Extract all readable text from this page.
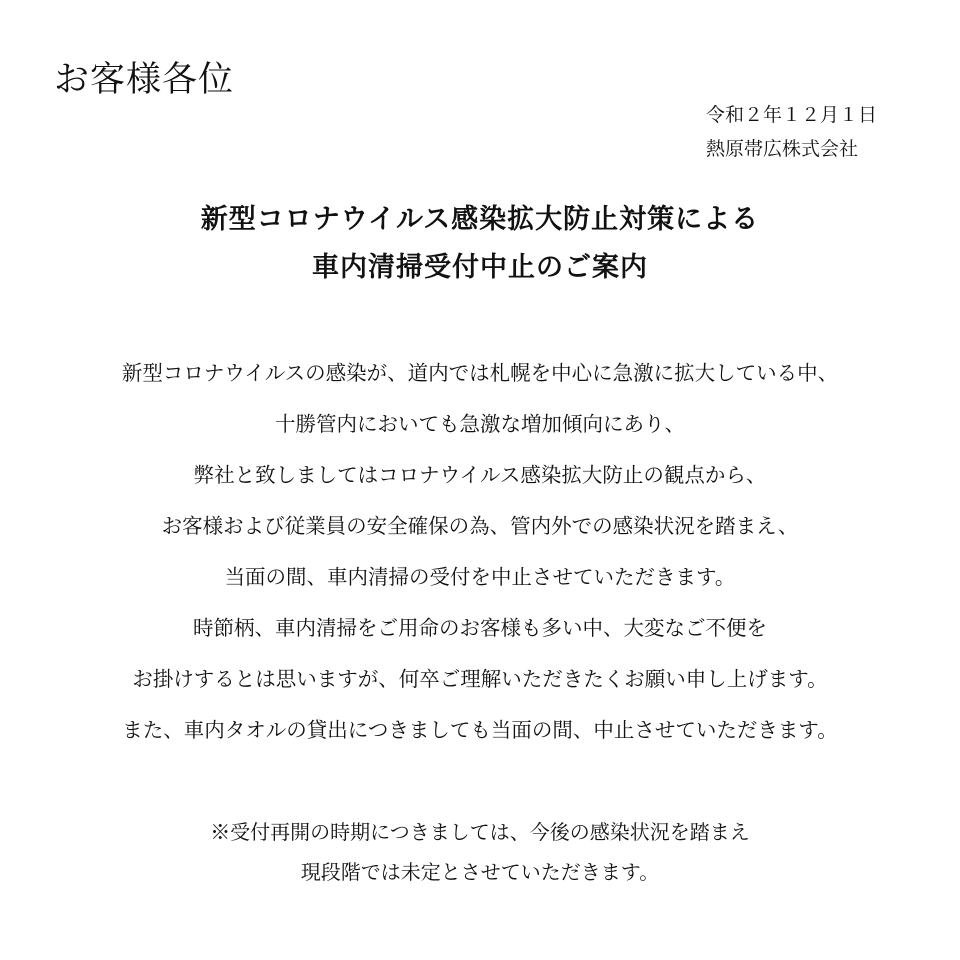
お客様各位
令和２年１２月１日
熱原帯広株式会社
新型コロナウイルス感染拡大防止対策による
車内清掃受付中止のご案内
新型コロナウイルスの感染が、道内では札幌を中心に急激に拡大している中、
十勝管内においても急激な増加傾向にあり、
弊社と致しましてはコロナウイルス感染拡大防止の観点から、
お客様および従業員の安全確保の為、管内外での感染状況を踏まえ、
当面の間、車内清掃の受付を中止させていただきます。
時節柄、車内清掃をご用命のお客様も多い中、大変なご不便を
お掛けするとは思いますが、何卒ご理解いただきたくお願い申し上げます。
また、車内タオルの貸出につきましても当面の間、中止させていただきます。
※受付再開の時期につきましては、今後の感染状況を踏まえ
現段階では未定とさせていただきます。
